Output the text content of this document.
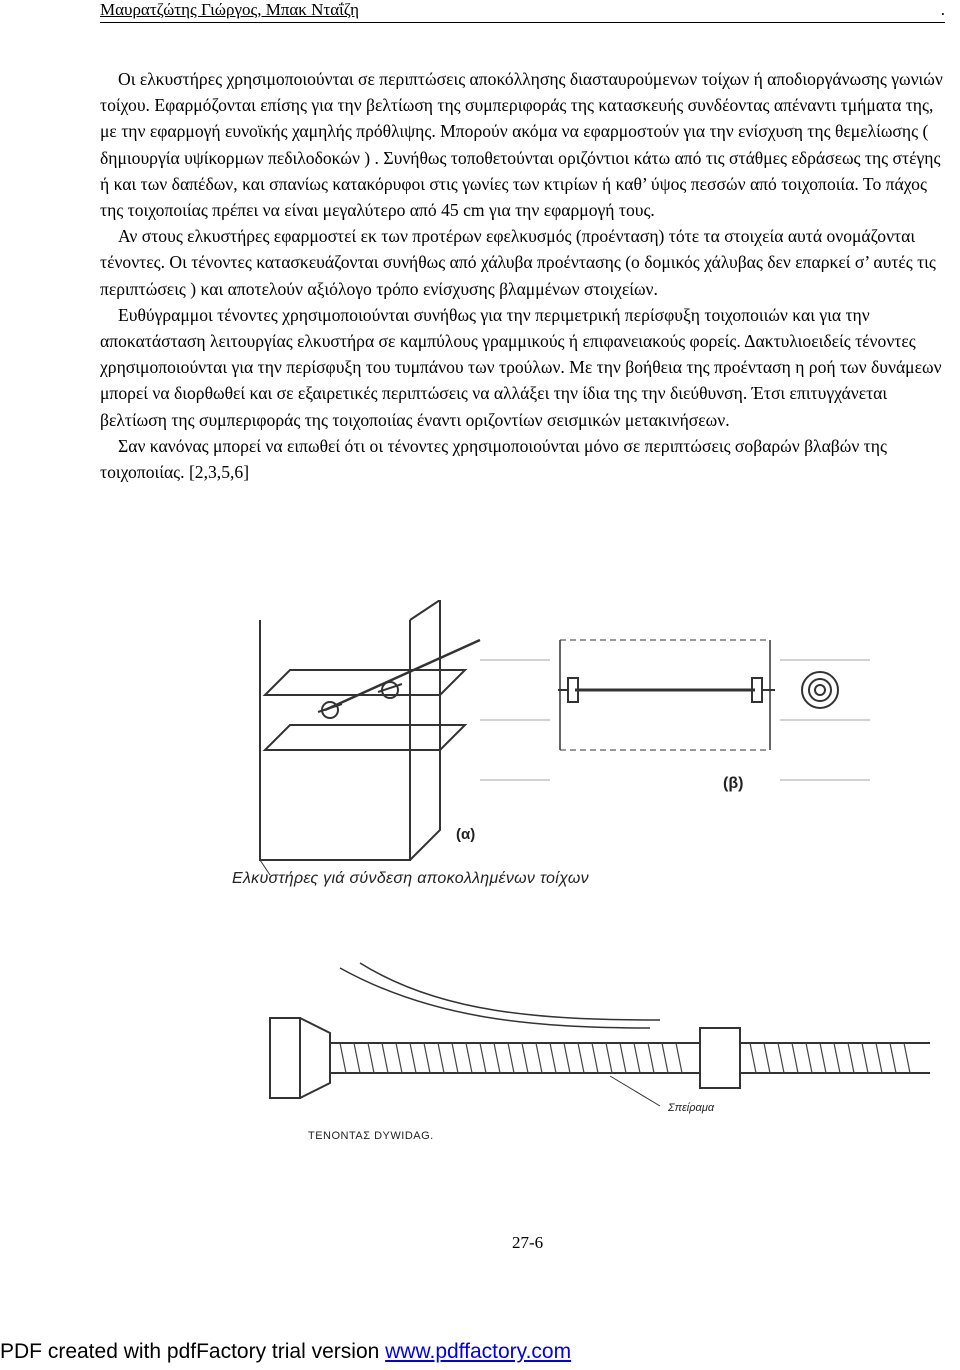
Μαυρατζώτης Γιώργος, Μπακ Νταΐζη	.

Οι ελκυστήρες χρησιμοποιούνται σε περιπτώσεις αποκόλλησης διασταυρούμενων τοίχων ή αποδιοργάνωσης γωνιών τοίχου. Εφαρμόζονται επίσης για την βελτίωση της συμπεριφοράς της κατασκευής συνδέοντας απέναντι τμήματα της, με την εφαρμογή ευνοϊκής χαμηλής πρόθλιψης. Μπορούν ακόμα να εφαρμοστούν για την ενίσχυση της θεμελίωσης ( δημιουργία υψίκορμων πεδιλοδοκών ) . Συνήθως τοποθετούνται οριζόντιοι κάτω από τις στάθμες εδράσεως της στέγης ή και των δαπέδων, και σπανίως κατακόρυφοι στις γωνίες των κτιρίων ή καθ’ ύψος πεσσών από τοιχοποιία. Το πάχος της τοιχοποιίας πρέπει να είναι μεγαλύτερο από 45 cm για την εφαρμογή τους.

Αν στους ελκυστήρες εφαρμοστεί εκ των προτέρων εφελκυσμός (προένταση) τότε τα στοιχεία αυτά ονομάζονται τένοντες. Οι τένοντες κατασκευάζονται συνήθως από χάλυβα προέντασης (ο δομικός χάλυβας δεν επαρκεί σ’ αυτές τις περιπτώσεις ) και αποτελούν αξιόλογο τρόπο ενίσχυσης βλαμμένων στοιχείων.

Ευθύγραμμοι τένοντες χρησιμοποιούνται συνήθως για την περιμετρική περίσφυξη τοιχοποιιών και για την αποκατάσταση λειτουργίας ελκυστήρα σε καμπύλους γραμμικούς ή επιφανειακούς φορείς. Δακτυλιοειδείς τένοντες χρησιμοποιούνται για την περίσφυξη του τυμπάνου των τρούλων. Με την βοήθεια της προένταση η ροή των δυνάμεων μπορεί να διορθωθεί και σε εξαιρετικές περιπτώσεις να αλλάξει την ίδια της την διεύθυνση. Έτσι επιτυγχάνεται βελτίωση της συμπεριφοράς της τοιχοποιίας έναντι οριζοντίων σεισμικών μετακινήσεων.

Σαν κανόνας μπορεί να ειπωθεί ότι οι τένοντες χρησιμοποιούνται μόνο σε περιπτώσεις σοβαρών βλαβών της τοιχοποιίας. [2,3,5,6]

(α)
(β)
Ελκυστήρες γιά σύνδεση αποκολλημένων τοίχων
Σπείραμα
ΤΕΝΟΝΤΑΣ DYWIDAG.
27-6
PDF created with pdfFactory trial version www.pdffactory.com
